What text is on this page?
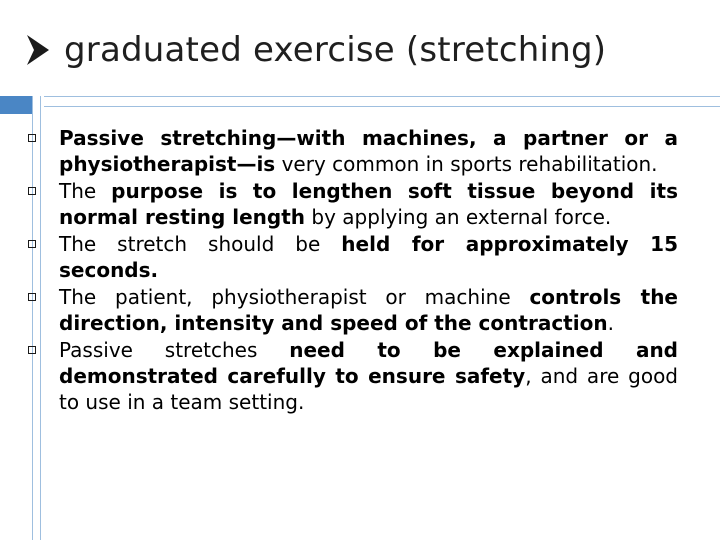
graduated exercise (stretching)
Passive stretching—with machines, a partner or a physiotherapist—is very common in sports rehabilitation.
The purpose is to lengthen soft tissue beyond its normal resting length by applying an external force.
The stretch should be held for approximately 15 seconds.
The patient, physiotherapist or machine controls the direction, intensity and speed of the contraction.
Passive stretches need to be explained and demonstrated carefully to ensure safety, and are good to use in a team setting.
